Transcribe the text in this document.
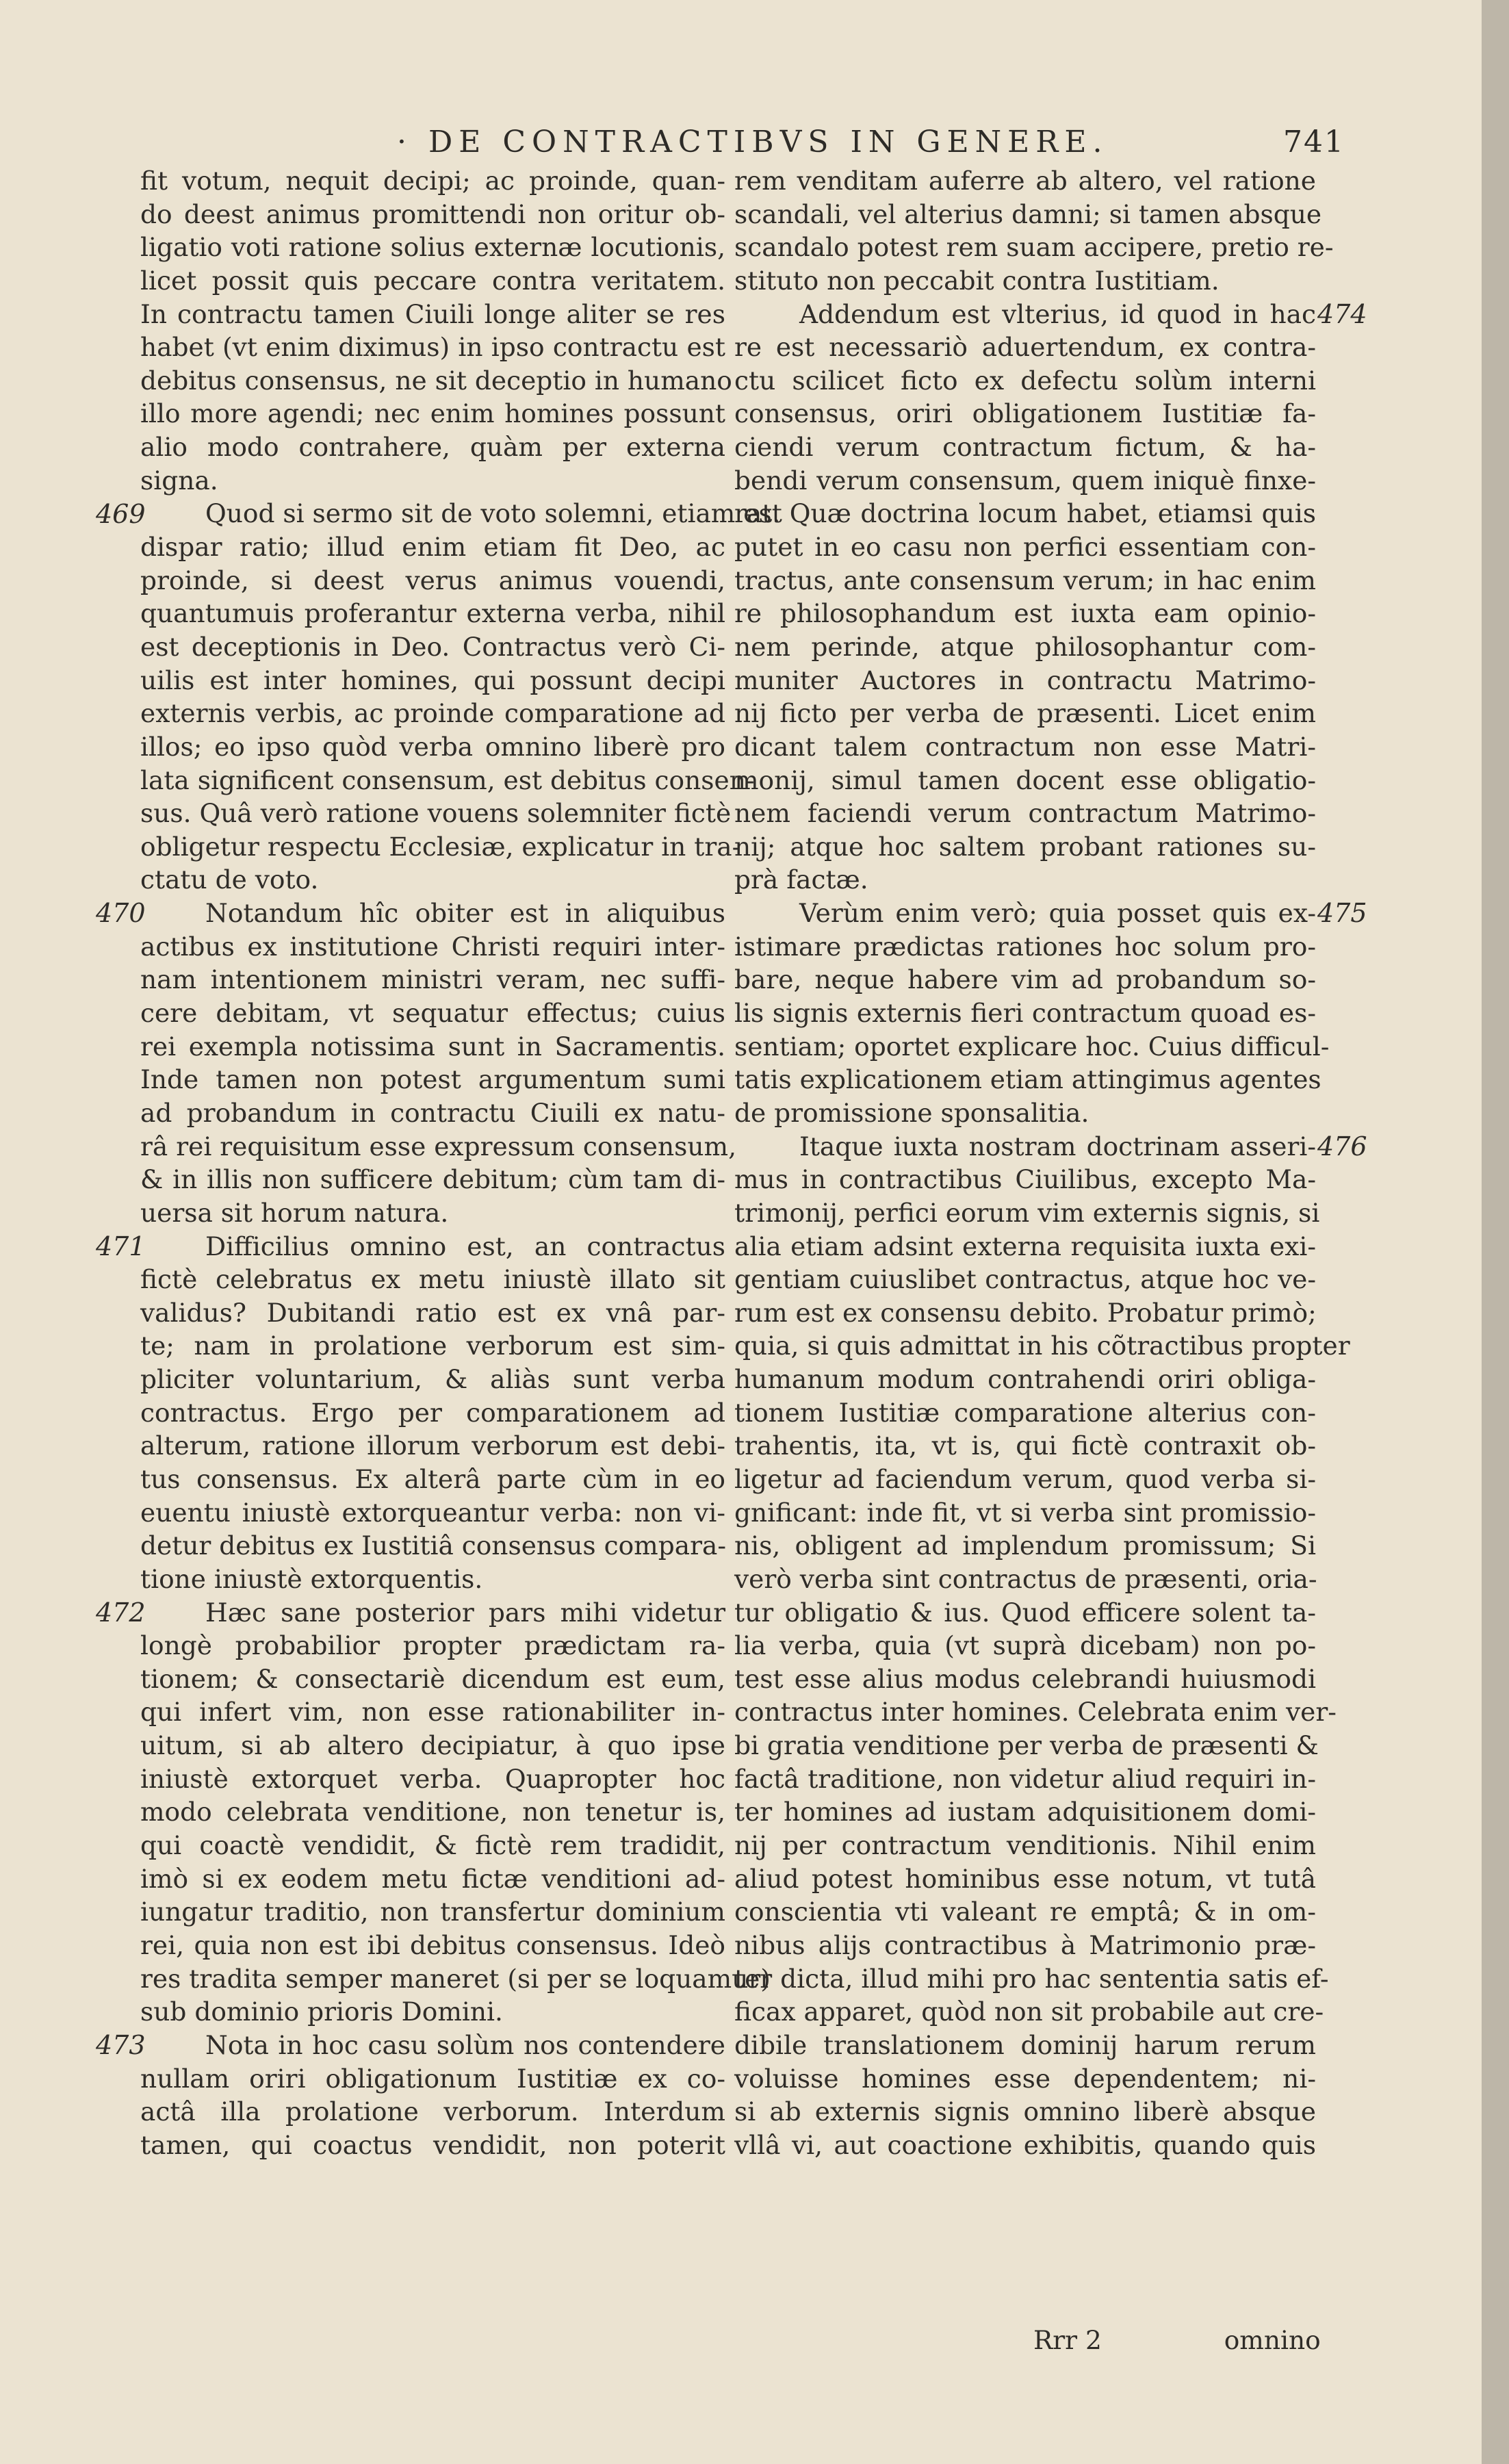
· DE CONTRACTIBVS IN GENERE.	741
fit votum, nequit decipi; ac proinde, quan-
do deest animus promittendi non oritur ob-
ligatio voti ratione solius externæ locutionis,
licet possit quis peccare contra veritatem.
In contractu tamen Ciuili longe aliter se res
habet (vt enim diximus) in ipso contractu est
debitus consensus, ne sit deceptio in humano
illo more agendi; nec enim homines possunt
alio modo contrahere, quàm per externa
signa.
Quod si sermo sit de voto solemni, etiam est
dispar ratio; illud enim etiam fit Deo, ac
proinde, si deest verus animus vouendi,
quantumuis proferantur externa verba, nihil
est deceptionis in Deo. Contractus verò Ci-
uilis est inter homines, qui possunt decipi
externis verbis, ac proinde comparatione ad
illos; eo ipso quòd verba omnino liberè pro
lata significent consensum, est debitus consen-
sus. Quâ verò ratione vouens solemniter fictè
obligetur respectu Ecclesiæ, explicatur in tra-
ctatu de voto.
Notandum hîc obiter est in aliquibus
actibus ex institutione Christi requiri inter-
nam intentionem ministri veram, nec suffi-
cere debitam, vt sequatur effectus; cuius
rei exempla notissima sunt in Sacramentis.
Inde tamen non potest argumentum sumi
ad probandum in contractu Ciuili ex natu-
râ rei requisitum esse expressum consensum,
& in illis non sufficere debitum; cùm tam di-
uersa sit horum natura.
Difficilius omnino est, an contractus
fictè celebratus ex metu iniustè illato sit
validus? Dubitandi ratio est ex vnâ par-
te; nam in prolatione verborum est sim-
pliciter voluntarium, & aliàs sunt verba
contractus. Ergo per comparationem ad
alterum, ratione illorum verborum est debi-
tus consensus. Ex alterâ parte cùm in eo
euentu iniustè extorqueantur verba: non vi-
detur debitus ex Iustitiâ consensus compara-
tione iniustè extorquentis.
Hæc sane posterior pars mihi videtur
longè probabilior propter prædictam ra-
tionem; & consectariè dicendum est eum,
qui infert vim, non esse rationabiliter in-
uitum, si ab altero decipiatur, à quo ipse
iniustè extorquet verba. Quapropter hoc
modo celebrata venditione, non tenetur is,
qui coactè vendidit, & fictè rem tradidit,
imò si ex eodem metu fictæ venditioni ad-
iungatur traditio, non transfertur dominium
rei, quia non est ibi debitus consensus. Ideò
res tradita semper maneret (si per se loquamur)
sub dominio prioris Domini.
Nota in hoc casu solùm nos contendere
nullam oriri obligationum Iustitiæ ex co-
actâ illa prolatione verborum. Interdum
tamen, qui coactus vendidit, non poterit
rem venditam auferre ab altero, vel ratione
scandali, vel alterius damni; si tamen absque
scandalo potest rem suam accipere, pretio re-
stituto non peccabit contra Iustitiam.
Addendum est vlterius, id quod in hac
re est necessariò aduertendum, ex contra-
ctu scilicet ficto ex defectu solùm interni
consensus, oriri obligationem Iustitiæ fa-
ciendi verum contractum fictum, & ha-
bendi verum consensum, quem iniquè finxe-
rat. Quæ doctrina locum habet, etiamsi quis
putet in eo casu non perfici essentiam con-
tractus, ante consensum verum; in hac enim
re philosophandum est iuxta eam opinio-
nem perinde, atque philosophantur com-
muniter Auctores in contractu Matrimo-
nij ficto per verba de præsenti. Licet enim
dicant talem contractum non esse Matri-
monij, simul tamen docent esse obligatio-
nem faciendi verum contractum Matrimo-
nij; atque hoc saltem probant rationes su-
prà factæ.
Verùm enim verò; quia posset quis ex-
istimare prædictas rationes hoc solum pro-
bare, neque habere vim ad probandum so-
lis signis externis fieri contractum quoad es-
sentiam; oportet explicare hoc. Cuius difficul-
tatis explicationem etiam attingimus agentes
de promissione sponsalitia.
Itaque iuxta nostram doctrinam asseri-
mus in contractibus Ciuilibus, excepto Ma-
trimonij, perfici eorum vim externis signis, si
alia etiam adsint externa requisita iuxta exi-
gentiam cuiuslibet contractus, atque hoc ve-
rum est ex consensu debito. Probatur primò;
quia, si quis admittat in his cõtractibus propter
humanum modum contrahendi oriri obliga-
tionem Iustitiæ comparatione alterius con-
trahentis, ita, vt is, qui fictè contraxit ob-
ligetur ad faciendum verum, quod verba si-
gnificant: inde fit, vt si verba sint promissio-
nis, obligent ad implendum promissum; Si
verò verba sint contractus de præsenti, oria-
tur obligatio & ius. Quod efficere solent ta-
lia verba, quia (vt suprà dicebam) non po-
test esse alius modus celebrandi huiusmodi
contractus inter homines. Celebrata enim ver-
bi gratia venditione per verba de præsenti &
factâ traditione, non videtur aliud requiri in-
ter homines ad iustam adquisitionem domi-
nij per contractum venditionis. Nihil enim
aliud potest hominibus esse notum, vt tutâ
conscientia vti valeant re emptâ; & in om-
nibus alijs contractibus à Matrimonio præ-
ter dicta, illud mihi pro hac sententia satis ef-
ficax apparet, quòd non sit probabile aut cre-
dibile translationem dominij harum rerum
voluisse homines esse dependentem; ni-
si ab externis signis omnino liberè absque
vllâ vi, aut coactione exhibitis, quando quis
Rrr 2	omnino
469
470
471
472
473
474
475
476
